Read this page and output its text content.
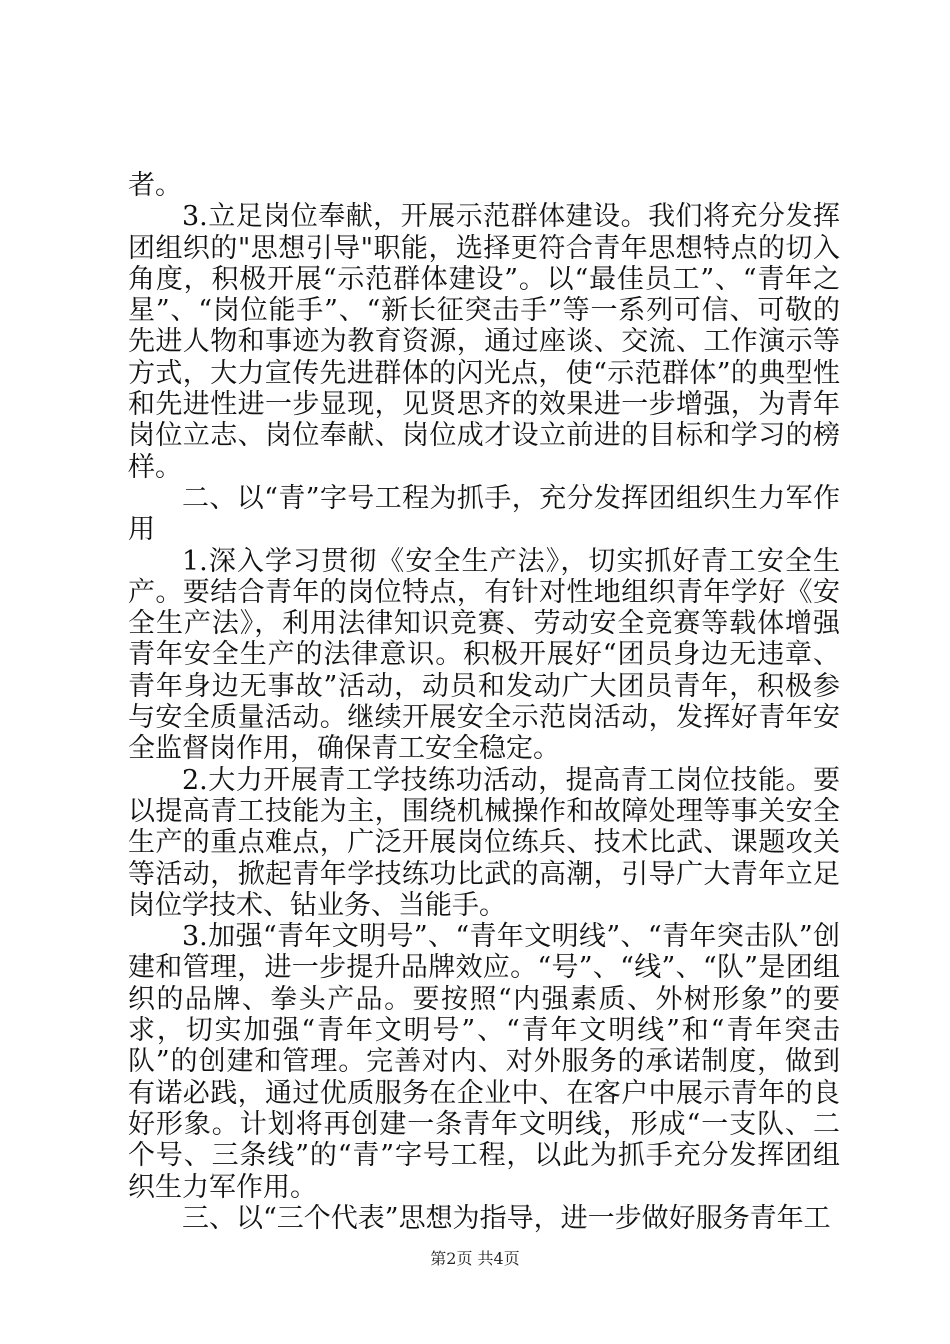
者。

3.立足岗位奉献，开展示范群体建设。我们将充分发挥团组织的"思想引导"职能，选择更符合青年思想特点的切入角度，积极开展“示范群体建设”。以“最佳员工”、“青年之星”、“岗位能手”、“新长征突击手”等一系列可信、可敬的先进人物和事迹为教育资源，通过座谈、交流、工作演示等方式，大力宣传先进群体的闪光点，使“示范群体”的典型性和先进性进一步显现，见贤思齐的效果进一步增强，为青年岗位立志、岗位奉献、岗位成才设立前进的目标和学习的榜样。

二、以“青”字号工程为抓手，充分发挥团组织生力军作用

1.深入学习贯彻《安全生产法》，切实抓好青工安全生产。要结合青年的岗位特点，有针对性地组织青年学好《安全生产法》，利用法律知识竞赛、劳动安全竞赛等载体增强青年安全生产的法律意识。积极开展好“团员身边无违章、青年身边无事故”活动，动员和发动广大团员青年，积极参与安全质量活动。继续开展安全示范岗活动，发挥好青年安全监督岗作用，确保青工安全稳定。

2.大力开展青工学技练功活动，提高青工岗位技能。要以提高青工技能为主，围绕机械操作和故障处理等事关安全生产的重点难点，广泛开展岗位练兵、技术比武、课题攻关等活动，掀起青年学技练功比武的高潮，引导广大青年立足岗位学技术、钻业务、当能手。

3.加强“青年文明号”、“青年文明线”、“青年突击队”创建和管理，进一步提升品牌效应。“号”、“线”、“队”是团组织的品牌、拳头产品。要按照“内强素质、外树形象”的要求，切实加强“青年文明号”、“青年文明线”和“青年突击队”的创建和管理。完善对内、对外服务的承诺制度，做到有诺必践，通过优质服务在企业中、在客户中展示青年的良好形象。计划将再创建一条青年文明线，形成“一支队、二个号、三条线”的“青”字号工程，以此为抓手充分发挥团组织生力军作用。

三、以“三个代表”思想为指导，进一步做好服务青年工

第2页 共4页
